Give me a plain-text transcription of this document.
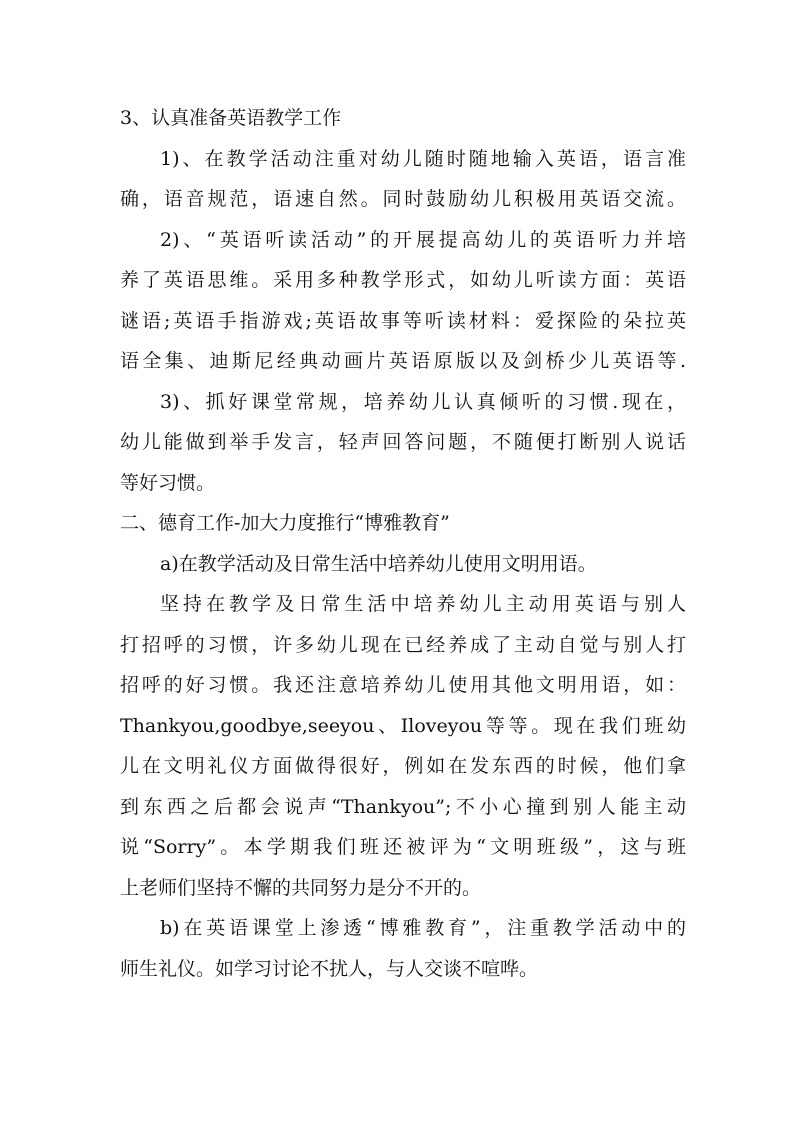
3、认真准备英语教学工作
1)、在教学活动注重对幼儿随时随地输入英语，语言准
确，语音规范，语速自然。同时鼓励幼儿积极用英语交流。
2)、“英语听读活动”的开展提高幼儿的英语听力并培
养了英语思维。采用多种教学形式，如幼儿听读方面：英语
谜语;英语手指游戏;英语故事等听读材料：爱探险的朵拉英
语全集、迪斯尼经典动画片英语原版以及剑桥少儿英语等.
3)、抓好课堂常规，培养幼儿认真倾听的习惯.现在，
幼儿能做到举手发言，轻声回答问题，不随便打断别人说话
等好习惯。
二、德育工作-加大力度推行“博雅教育”
a)在教学活动及日常生活中培养幼儿使用文明用语。
坚持在教学及日常生活中培养幼儿主动用英语与别人
打招呼的习惯，许多幼儿现在已经养成了主动自觉与别人打
招呼的好习惯。我还注意培养幼儿使用其他文明用语，如：
Thankyou,goodbye,seeyou、Iloveyou等等。现在我们班幼
儿在文明礼仪方面做得很好，例如在发东西的时候，他们拿
到东西之后都会说声“Thankyou”;不小心撞到别人能主动
说“Sorry”。本学期我们班还被评为“文明班级”，这与班
上老师们坚持不懈的共同努力是分不开的。
b)在英语课堂上渗透“博雅教育”，注重教学活动中的
师生礼仪。如学习讨论不扰人，与人交谈不喧哗。
